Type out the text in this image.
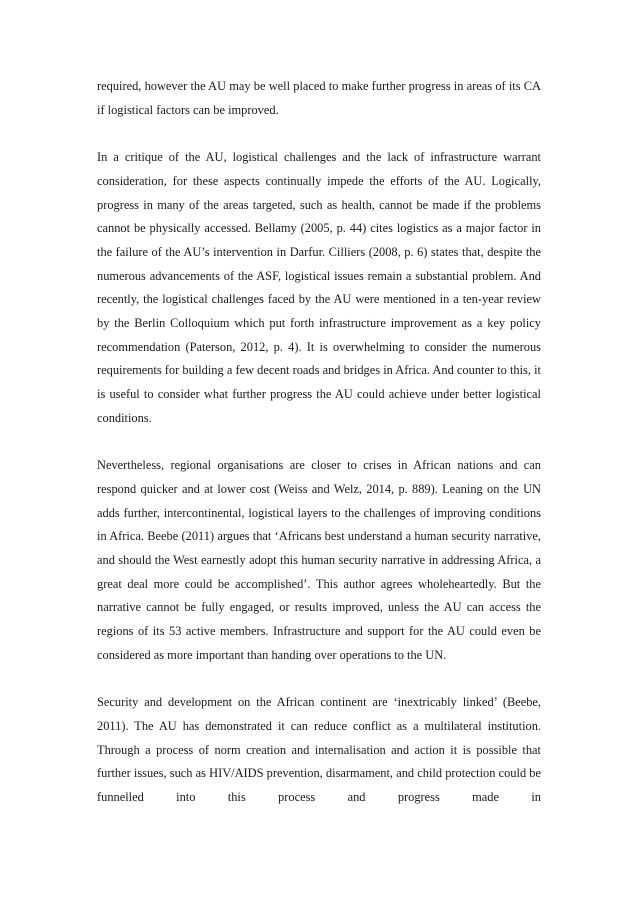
required, however the AU may be well placed to make further progress in areas of its CA if logistical factors can be improved.

In a critique of the AU, logistical challenges and the lack of infrastructure warrant consideration, for these aspects continually impede the efforts of the AU. Logically, progress in many of the areas targeted, such as health, cannot be made if the problems cannot be physically accessed. Bellamy (2005, p. 44) cites logistics as a major factor in the failure of the AU’s intervention in Darfur. Cilliers (2008, p. 6) states that, despite the numerous advancements of the ASF, logistical issues remain a substantial problem. And recently, the logistical challenges faced by the AU were mentioned in a ten-year review by the Berlin Colloquium which put forth infrastructure improvement as a key policy recommendation (Paterson, 2012, p. 4). It is overwhelming to consider the numerous requirements for building a few decent roads and bridges in Africa. And counter to this, it is useful to consider what further progress the AU could achieve under better logistical conditions.

Nevertheless, regional organisations are closer to crises in African nations and can respond quicker and at lower cost (Weiss and Welz, 2014, p. 889). Leaning on the UN adds further, intercontinental, logistical layers to the challenges of improving conditions in Africa. Beebe (2011) argues that ‘Africans best understand a human security narrative, and should the West earnestly adopt this human security narrative in addressing Africa, a great deal more could be accomplished’. This author agrees wholeheartedly. But the narrative cannot be fully engaged, or results improved, unless the AU can access the regions of its 53 active members. Infrastructure and support for the AU could even be considered as more important than handing over operations to the UN.

Security and development on the African continent are ‘inextricably linked’ (Beebe, 2011). The AU has demonstrated it can reduce conflict as a multilateral institution. Through a process of norm creation and internalisation and action it is possible that further issues, such as HIV/AIDS prevention, disarmament, and child protection could be funnelled into this process and progress made in
